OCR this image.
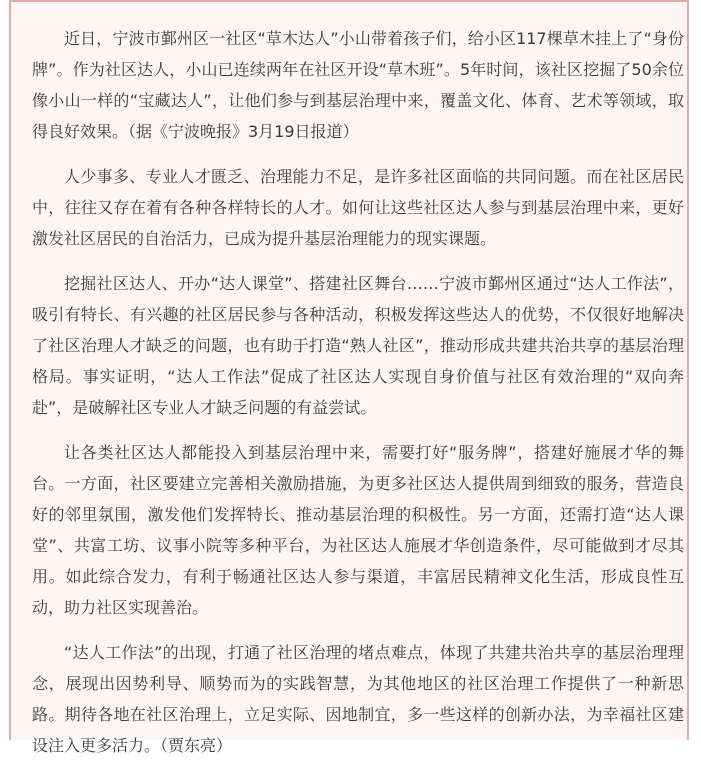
近日，宁波市鄞州区一社区“草木达人”小山带着孩子们，给小区117棵草木挂上了“身份牌”。作为社区达人，小山已连续两年在社区开设“草木班”。5年时间，该社区挖掘了50余位像小山一样的“宝藏达人”，让他们参与到基层治理中来，覆盖文化、体育、艺术等领域，取得良好效果。（据《宁波晚报》3月19日报道）

人少事多、专业人才匮乏、治理能力不足，是许多社区面临的共同问题。而在社区居民中，往往又存在着有各种各样特长的人才。如何让这些社区达人参与到基层治理中来，更好激发社区居民的自治活力，已成为提升基层治理能力的现实课题。

挖掘社区达人、开办“达人课堂”、搭建社区舞台……宁波市鄞州区通过“达人工作法”，吸引有特长、有兴趣的社区居民参与各种活动，积极发挥这些达人的优势，不仅很好地解决了社区治理人才缺乏的问题，也有助于打造“熟人社区”，推动形成共建共治共享的基层治理格局。事实证明，“达人工作法”促成了社区达人实现自身价值与社区有效治理的“双向奔赴”，是破解社区专业人才缺乏问题的有益尝试。

让各类社区达人都能投入到基层治理中来，需要打好“服务牌”，搭建好施展才华的舞台。一方面，社区要建立完善相关激励措施，为更多社区达人提供周到细致的服务，营造良好的邻里氛围，激发他们发挥特长、推动基层治理的积极性。另一方面，还需打造“达人课堂”、共富工坊、议事小院等多种平台，为社区达人施展才华创造条件，尽可能做到才尽其用。如此综合发力，有利于畅通社区达人参与渠道，丰富居民精神文化生活，形成良性互动，助力社区实现善治。

“达人工作法”的出现，打通了社区治理的堵点难点，体现了共建共治共享的基层治理理念，展现出因势利导、顺势而为的实践智慧，为其他地区的社区治理工作提供了一种新思路。期待各地在社区治理上，立足实际、因地制宜，多一些这样的创新办法，为幸福社区建设注入更多活力。（贾东亮）
